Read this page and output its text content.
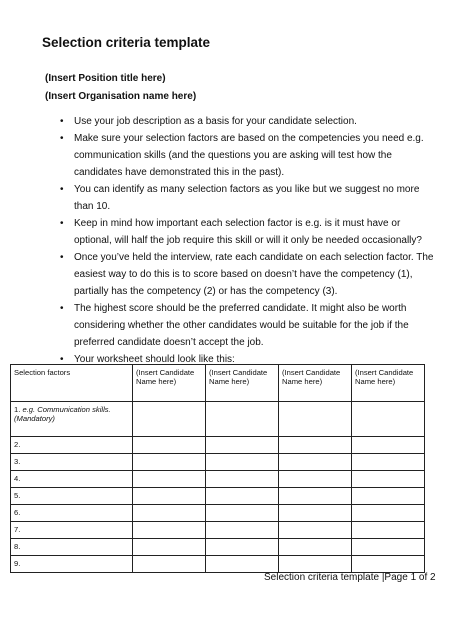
Selection criteria template
(Insert Position title here)
(Insert Organisation name here)
• Use your job description as a basis for your candidate selection.
• Make sure your selection factors are based on the competencies you need e.g. communication skills (and the questions you are asking will test how the candidates have demonstrated this in the past).
• You can identify as many selection factors as you like but we suggest no more than 10.
• Keep in mind how important each selection factor is e.g. is it must have or optional, will half the job require this skill or will it only be needed occasionally?
• Once you’ve held the interview, rate each candidate on each selection factor. The easiest way to do this is to score based on doesn’t have the competency (1), partially has the competency (2) or has the competency (3).
• The highest score should be the preferred candidate. It might also be worth considering whether the other candidates would be suitable for the job if the preferred candidate doesn’t accept the job.
• Your worksheet should look like this:
Selection factors	(Insert Candidate Name here)	(Insert Candidate Name here)	(Insert Candidate Name here)	(Insert Candidate Name here)
1. e.g. Communication skills. (Mandatory)				
2.				
3.				
4.				
5.				
6.				
7.				
8.				
9.				
Selection criteria template |Page 1 of 2
